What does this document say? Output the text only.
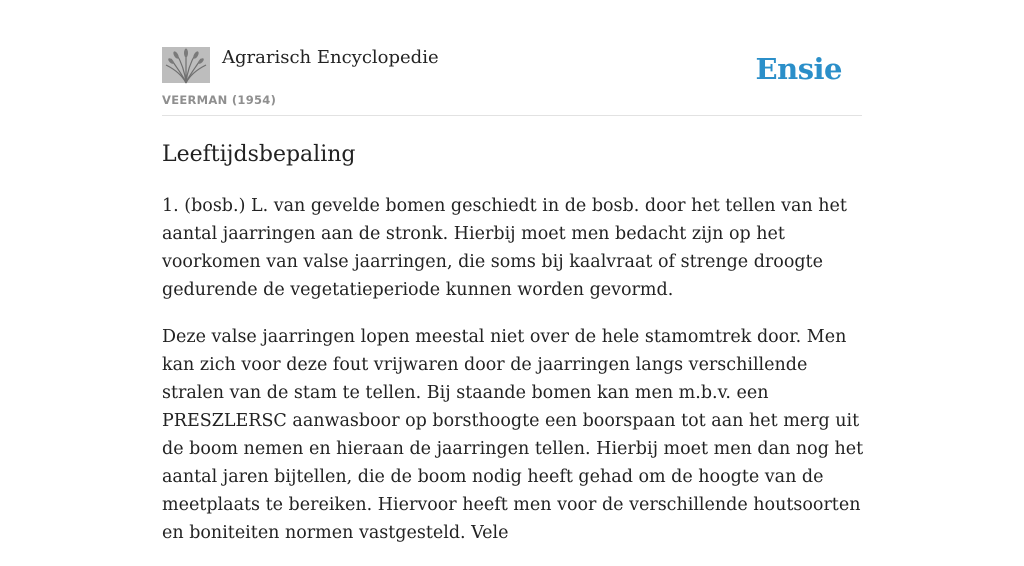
Agrarisch Encyclopedie
VEERMAN (1954)
Ensie
Leeftijdsbepaling

1. (bosb.) L. van gevelde bomen geschiedt in de bosb. door het tellen van het aantal jaarringen aan de stronk. Hierbij moet men bedacht zijn op het voorkomen van valse jaarringen, die soms bij kaalvraat of strenge droogte gedurende de vegetatieperiode kunnen worden gevormd.

Deze valse jaarringen lopen meestal niet over de hele stamomtrek door. Men kan zich voor deze fout vrijwaren door de jaarringen langs verschillende stralen van de stam te tellen. Bij staande bomen kan men m.b.v. een PRESZLERSC aanwasboor op borsthoogte een boorspaan tot aan het merg uit de boom nemen en hieraan de jaarringen tellen. Hierbij moet men dan nog het aantal jaren bijtellen, die de boom nodig heeft gehad om de hoogte van de meetplaats te bereiken. Hiervoor heeft men voor de verschillende houtsoorten en boniteiten normen vastgesteld. Vele
